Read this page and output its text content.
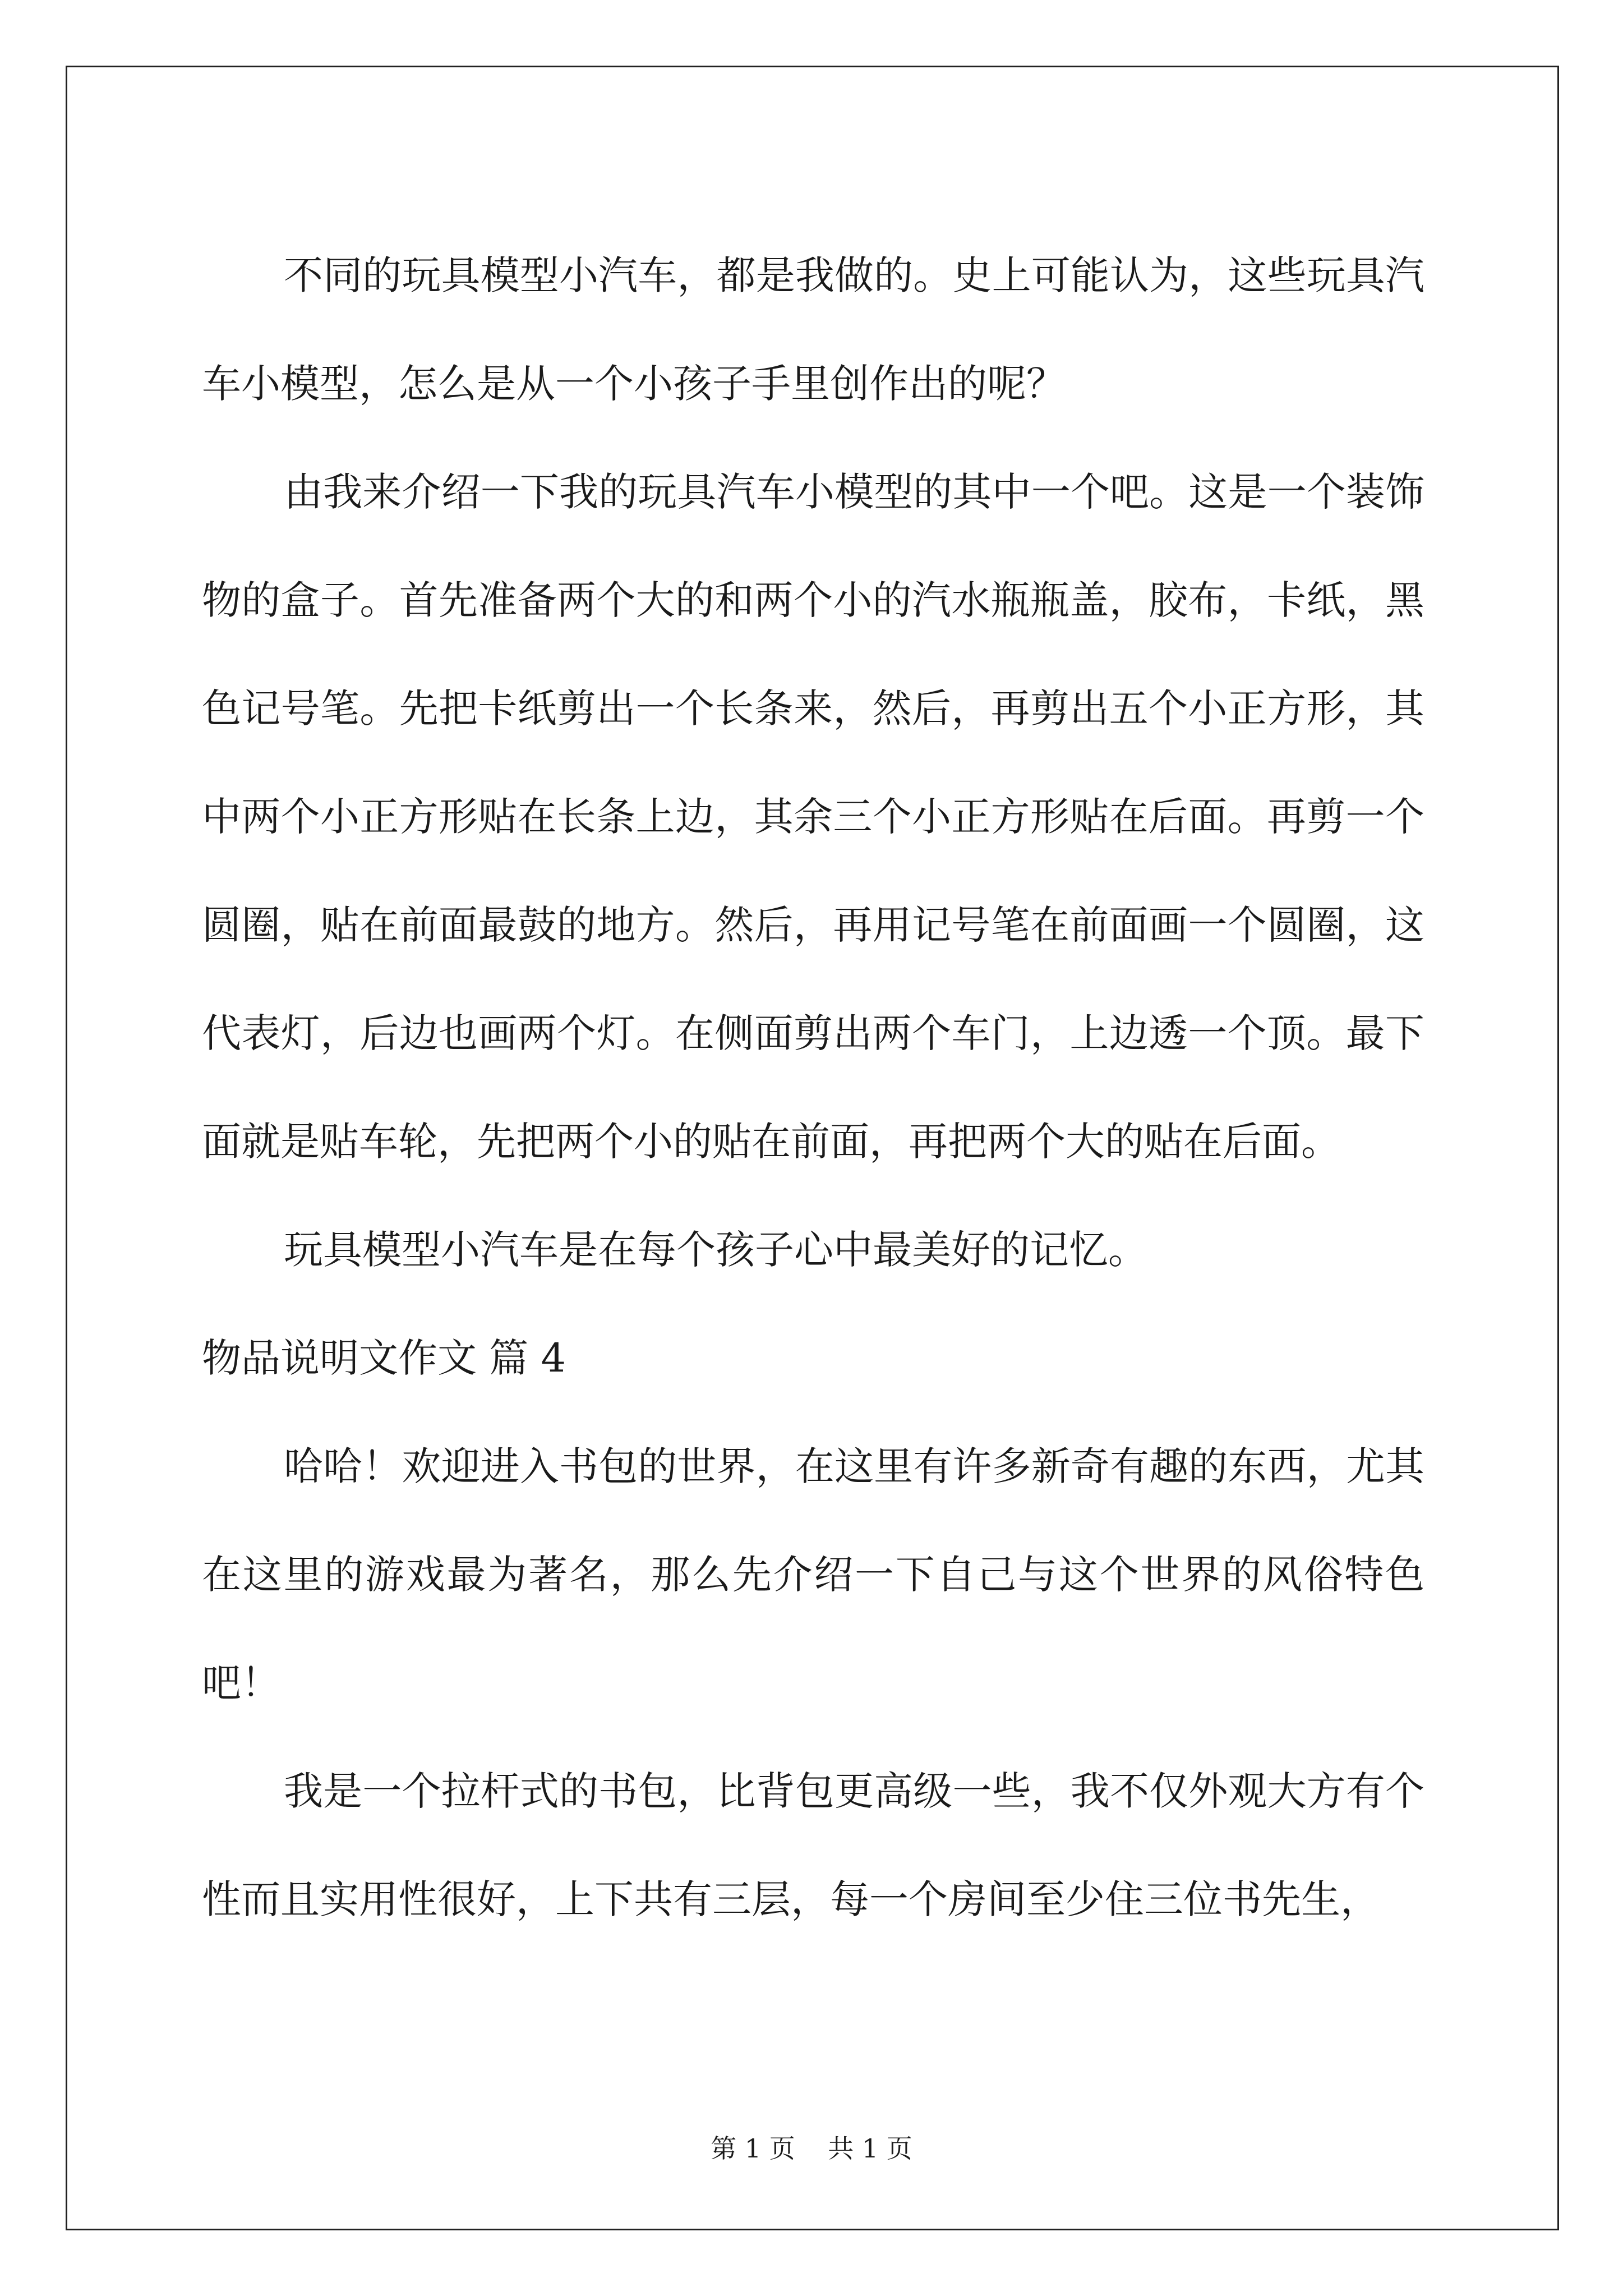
不同的玩具模型小汽车，都是我做的。史上可能认为，这些玩具汽车小模型，怎么是从一个小孩子手里创作出的呢？

由我来介绍一下我的玩具汽车小模型的其中一个吧。这是一个装饰物的盒子。首先准备两个大的和两个小的汽水瓶瓶盖，胶布，卡纸，黑色记号笔。先把卡纸剪出一个长条来，然后，再剪出五个小正方形，其中两个小正方形贴在长条上边，其余三个小正方形贴在后面。再剪一个圆圈，贴在前面最鼓的地方。然后，再用记号笔在前面画一个圆圈，这代表灯，后边也画两个灯。在侧面剪出两个车门，上边透一个顶。最下面就是贴车轮，先把两个小的贴在前面，再把两个大的贴在后面。

玩具模型小汽车是在每个孩子心中最美好的记忆。

物品说明文作文 篇 4

哈哈！欢迎进入书包的世界，在这里有许多新奇有趣的东西，尤其在这里的游戏最为著名，那么先介绍一下自己与这个世界的风俗特色吧！

我是一个拉杆式的书包，比背包更高级一些，我不仅外观大方有个性而且实用性很好，上下共有三层，每一个房间至少住三位书先生，

第 1 页    共 1 页
